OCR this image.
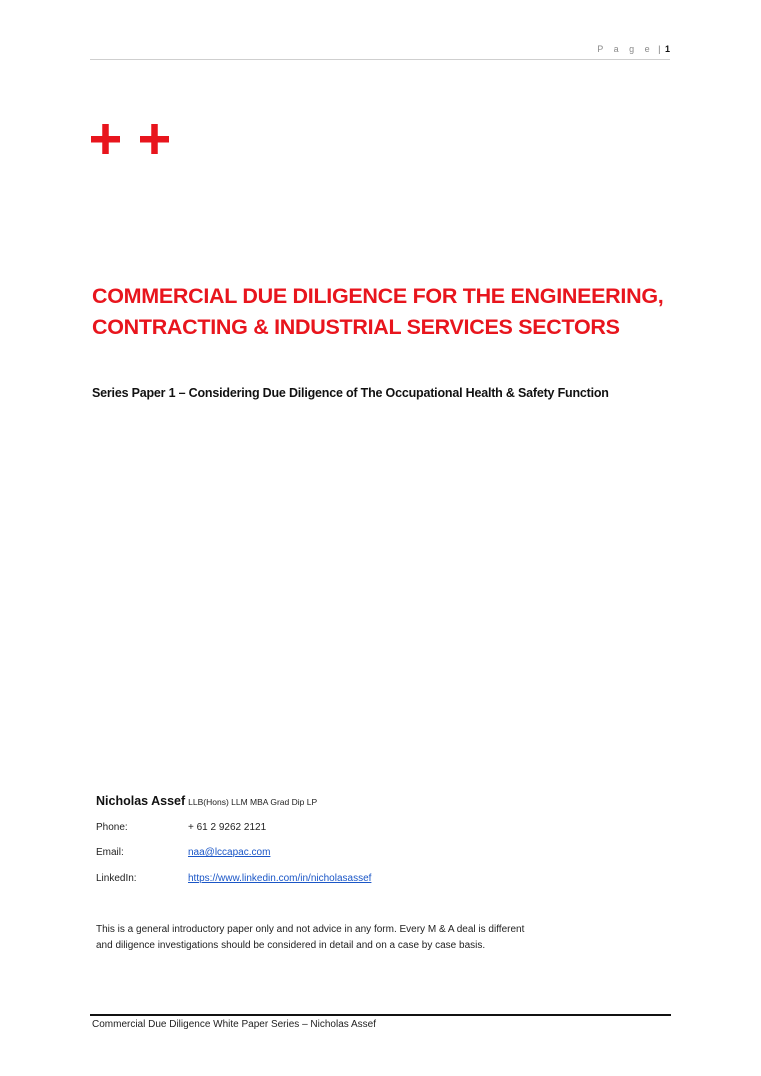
P a g e | 1
COMMERCIAL DUE DILIGENCE FOR THE ENGINEERING,
CONTRACTING & INDUSTRIAL SERVICES SECTORS

Series Paper 1 – Considering Due Diligence of The Occupational Health & Safety Function

Nicholas Assef LLB(Hons) LLM MBA Grad Dip LP
Phone:	+ 61 2 9262 2121
Email:	naa@lccapac.com
LinkedIn:	https://www.linkedin.com/in/nicholasassef

This is a general introductory paper only and not advice in any form. Every M & A deal is different and diligence investigations should be considered in detail and on a case by case basis.

Commercial Due Diligence White Paper Series – Nicholas Assef
